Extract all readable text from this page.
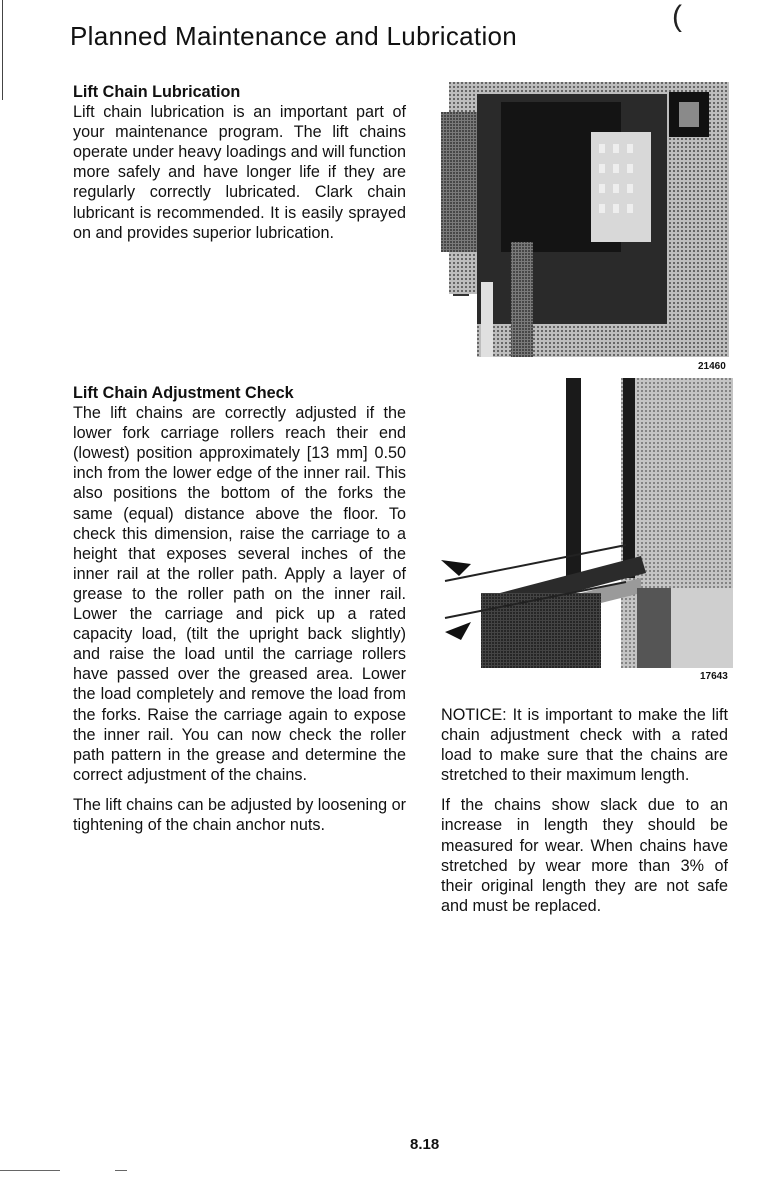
Planned Maintenance and Lubrication
(

Lift Chain Lubrication

Lift chain lubrication is an important part of your maintenance program. The lift chains operate under heavy loadings and will function more safely and have longer life if they are regularly correctly lubricated. Clark chain lubricant is recommended. It is easily sprayed on and provides superior lubrication.

Lift Chain Adjustment Check

The lift chains are correctly adjusted if the lower fork carriage rollers reach their end (lowest) position approximately [13 mm] 0.50 inch from the lower edge of the inner rail. This also positions the bottom of the forks the same (equal) distance above the floor. To check this dimension, raise the carriage to a height that exposes several inches of the inner rail at the roller path. Apply a layer of grease to the roller path on the inner rail. Lower the carriage and pick up a rated capacity load, (tilt the upright back slightly) and raise the load until the carriage rollers have passed over the greased area. Lower the load completely and remove the load from the forks. Raise the carriage again to expose the inner rail. You can now check the roller path pattern in the grease and determine the correct adjustment of the chains.

The lift chains can be adjusted by loosening or tightening of the chain anchor nuts.

21460
17643

NOTICE: It is important to make the lift chain adjustment check with a rated load to make sure that the chains are stretched to their maximum length.

If the chains show slack due to an increase in length they should be measured for wear. When chains have stretched by wear more than 3% of their original length they are not safe and must be replaced.

8.18
